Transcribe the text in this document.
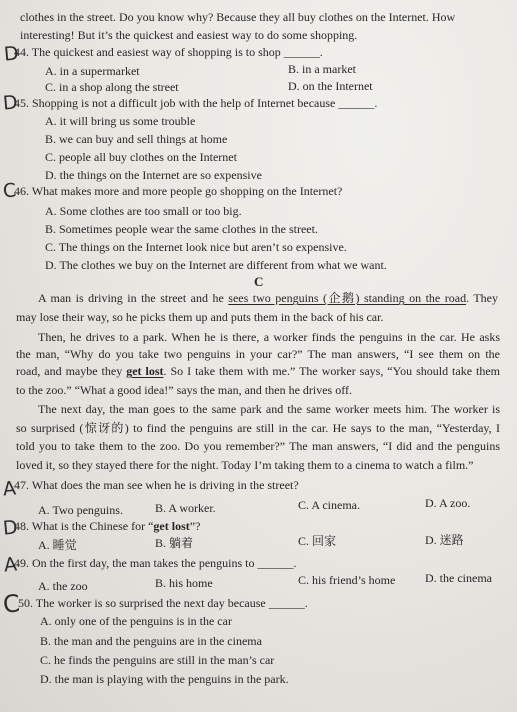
clothes in the street. Do you know why? Because they all buy clothes on the Internet. How
interesting! But it’s the quickest and easiest way to do some shopping.
D
44. The quickest and easiest way of shopping is to shop ______.
A. in a supermarket	B. in a market
C. in a shop along the street	D. on the Internet
D
45. Shopping is not a difficult job with the help of Internet because ______.
A. it will bring us some trouble
B. we can buy and sell things at home
C. people all buy clothes on the Internet
D. the things on the Internet are so expensive
C
46. What makes more and more people go shopping on the Internet?
A. Some clothes are too small or too big.
B. Sometimes people wear the same clothes in the street.
C. The things on the Internet look nice but aren’t so expensive.
D. The clothes we buy on the Internet are different from what we want.
C
A man is driving in the street and he sees two penguins (企鹅) standing on the road. They
may lose their way, so he picks them up and puts them in the back of his car.
Then, he drives to a park. When he is there, a worker finds the penguins in the car. He asks
the man, “Why do you take two penguins in your car?” The man answers, “I see them on the
road, and maybe they get lost. So I take them with me.” The worker says, “You should take them
to the zoo.” “What a good idea!” says the man, and then he drives off.
The next day, the man goes to the same park and the same worker meets him. The worker is
so surprised (惊讶的) to find the penguins are still in the car. He says to the man, “Yesterday, I
told you to take them to the zoo. Do you remember?” The man answers, “I did and the penguins
loved it, so they stayed there for the night. Today I’m taking them to a cinema to watch a film.”
A
47. What does the man see when he is driving in the street?
A. Two penguins.	B. A worker.	C. A cinema.	D. A zoo.
D
48. What is the Chinese for “get lost”?
A. 睡觉	B. 躺着	C. 回家	D. 迷路
A
49. On the first day, the man takes the penguins to ______.
A. the zoo	B. his home	C. his friend’s home D. the cinema
C
50. The worker is so surprised the next day because ______.
A. only one of the penguins is in the car
B. the man and the penguins are in the cinema
C. he finds the penguins are still in the man’s car
D. the man is playing with the penguins in the park.
